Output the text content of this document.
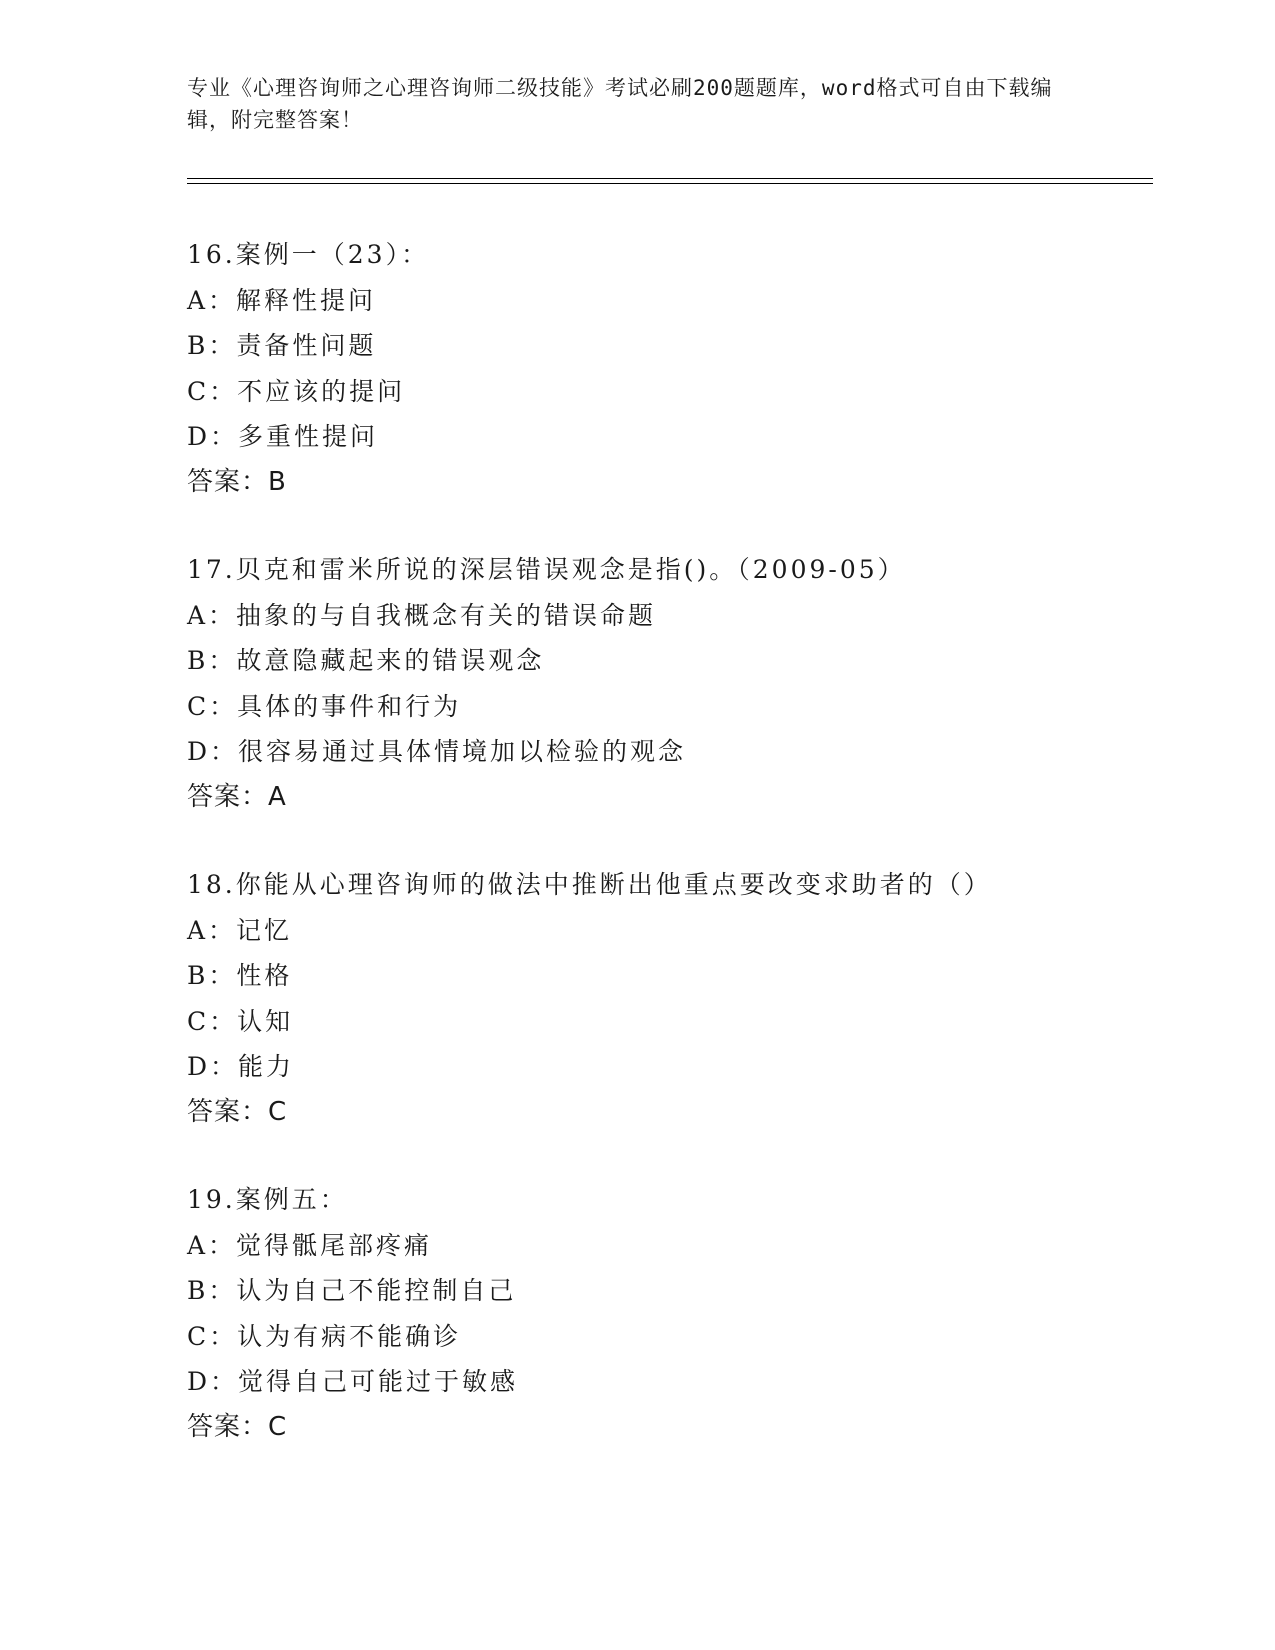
专业《心理咨询师之心理咨询师二级技能》考试必刷200题题库，word格式可自由下载编辑，附完整答案！

16.案例一（23）：
A：解释性提问
B：责备性问题
C：不应该的提问
D：多重性提问
答案：B
17.贝克和雷米所说的深层错误观念是指()。（2009-05）
A：抽象的与自我概念有关的错误命题
B：故意隐藏起来的错误观念
C：具体的事件和行为
D：很容易通过具体情境加以检验的观念
答案：A
18.你能从心理咨询师的做法中推断出他重点要改变求助者的（）
A：记忆
B：性格
C：认知
D：能力
答案：C
19.案例五：
A：觉得骶尾部疼痛
B：认为自己不能控制自己
C：认为有病不能确诊
D：觉得自己可能过于敏感
答案：C
